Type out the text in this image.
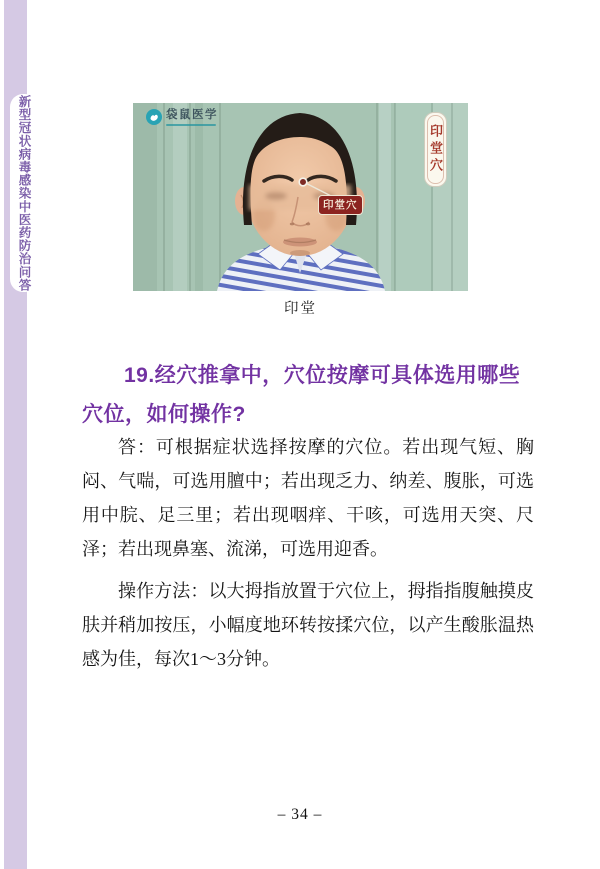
新型冠状病毒感染中医药防治问答	袋鼠医学
印堂穴
印堂穴
印堂
19.经穴推拿中，穴位按摩可具体选用哪些穴位，如何操作?
答：可根据症状选择按摩的穴位。若出现气短、胸闷、气喘，可选用膻中；若出现乏力、纳差、腹胀，可选用中脘、足三里；若出现咽痒、干咳，可选用天突、尺泽；若出现鼻塞、流涕，可选用迎香。
操作方法：以大拇指放置于穴位上，拇指指腹触摸皮肤并稍加按压，小幅度地环转按揉穴位，以产生酸胀温热感为佳，每次1～3分钟。
– 34 –
